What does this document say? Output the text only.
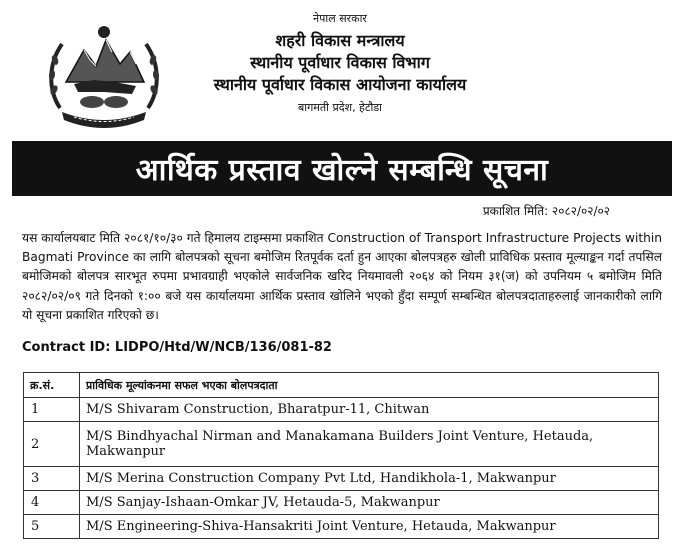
नेपाल सरकार
शहरी विकास मन्त्रालय
स्थानीय पूर्वाधार विकास विभाग
स्थानीय पूर्वाधार विकास आयोजना कार्यालय
बागमती प्रदेश, हेटौडा
आर्थिक प्रस्ताव खोल्ने सम्बन्धि सूचना
प्रकाशित मिति: २०८२/०२/०२
यस कार्यालयबाट मिति २०८१/१०/३० गते हिमालय टाइम्समा प्रकाशित Construction of Transport Infrastructure Projects within Bagmati Province का लागि बोलपत्रको सूचना बमोजिम रितपूर्वक दर्ता हुन आएका बोलपत्रहरु खोली प्राविधिक प्रस्ताव मूल्याङ्कन गर्दा तपसिल बमोजिमको बोलपत्र सारभूत रुपमा प्रभावग्राही भएकोले सार्वजनिक खरिद नियमावली २०६४ को नियम ३१(ज) को उपनियम ५ बमोजिम मिति २०८२/०२/०९ गते दिनको १:०० बजे यस कार्यालयमा आर्थिक प्रस्ताव खोलिने भएको हुँदा सम्पूर्ण सम्बन्धित बोलपत्रदाताहरुलाई जानकारीको लागि यो सूचना प्रकाशित गरिएको छ।
Contract ID: LIDPO/Htd/W/NCB/136/081-82
क्र.सं.	प्राविधिक मूल्यांकनमा सफल भएका बोलपत्रदाता
1	M/S Shivaram Construction, Bharatpur-11, Chitwan
2	M/S Bindhyachal Nirman and Manakamana Builders Joint Venture, Hetauda, Makwanpur
3	M/S Merina Construction Company Pvt Ltd, Handikhola-1, Makwanpur
4	M/S Sanjay-Ishaan-Omkar JV, Hetauda-5, Makwanpur
5	M/S Engineering-Shiva-Hansakriti Joint Venture, Hetauda, Makwanpur
